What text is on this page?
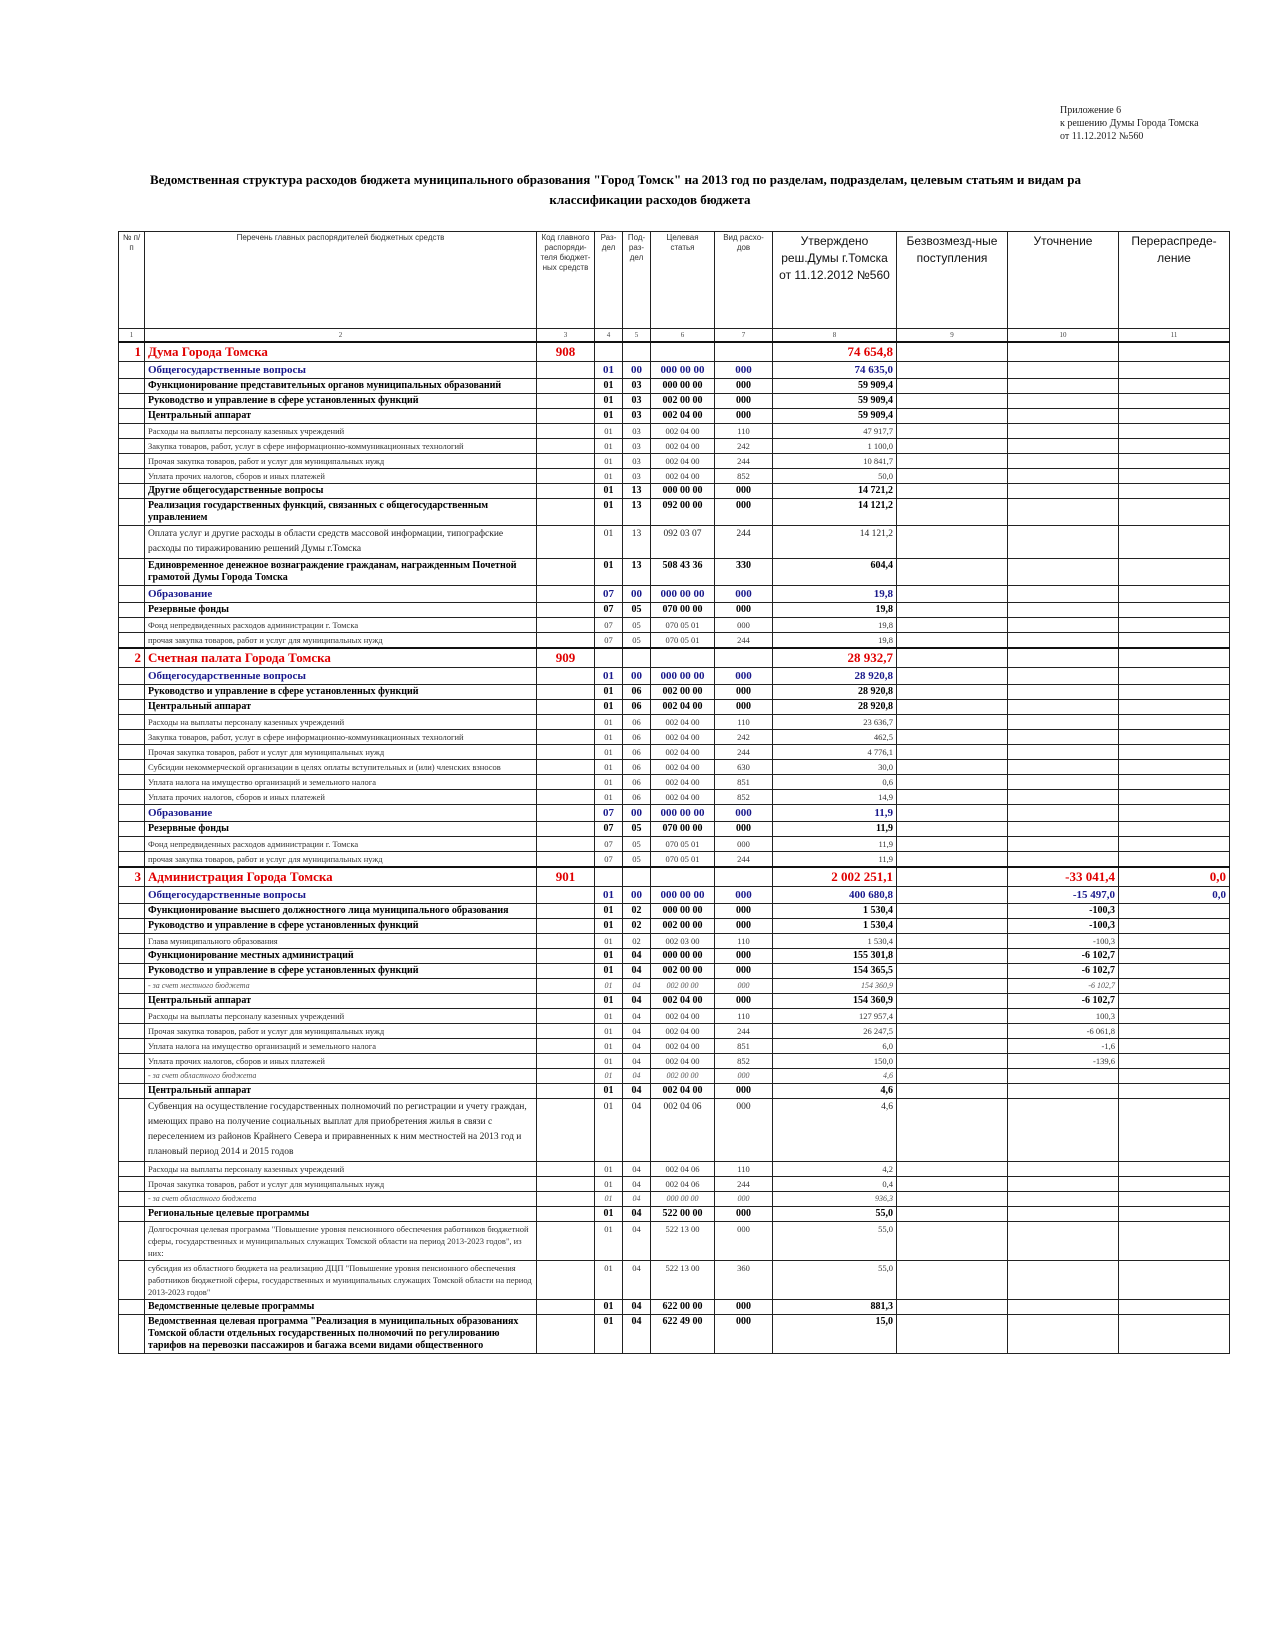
Приложение 6
к решению Думы Города Томска
от 11.12.2012 №560
Ведомственная структура расходов бюджета муниципального образования "Город Томск" на 2013 год по разделам, подразделам, целевым статьям и видам ра
классификации расходов бюджета
№ п/п	Перечень главных распорядителей бюджетных средств	Код главного распоряди-теля бюджет-ных средств	Раз-дел	Под-раз-дел	Целевая статья	Вид расхо-дов	Утверждено реш.Думы г.Томска от 11.12.2012 №560	Безвозмезд-ные поступления	Уточнение	Перераспреде-ление
1	2	3	4	5	6	7	8	9	10	11
1	Дума Города Томска	908					74 654,8			
	Общегосударственные вопросы		01	00	000 00 00	000	74 635,0			
	Функционирование представительных органов муниципальных образований		01	03	000 00 00	000	59 909,4			
	Руководство и управление в сфере установленных функций		01	03	002 00 00	000	59 909,4			
	Центральный аппарат		01	03	002 04 00	000	59 909,4			
	Расходы на выплаты персоналу казенных учреждений		01	03	002 04 00	110	47 917,7			
	Закупка товаров, работ, услуг в сфере информационно-коммуникационных технологий		01	03	002 04 00	242	1 100,0			
	Прочая закупка товаров, работ и услуг для муниципальных нужд		01	03	002 04 00	244	10 841,7			
	Уплата прочих налогов, сборов и иных платежей		01	03	002 04 00	852	50,0			
	Другие общегосударственные вопросы		01	13	000 00 00	000	14 721,2			
	Реализация государственных функций, связанных с общегосударственным управлением		01	13	092 00 00	000	14 121,2			
	Оплата услуг и другие расходы в области средств массовой информации, типографские расходы по тиражированию решений Думы г.Томска		01	13	092 03 07	244	14 121,2			
	Единовременное денежное вознаграждение гражданам, награжденным Почетной грамотой Думы Города Томска		01	13	508 43 36	330	604,4			
	Образование		07	00	000 00 00	000	19,8			
	Резервные фонды		07	05	070 00 00	000	19,8			
	Фонд непредвиденных расходов администрации г. Томска		07	05	070 05 01	000	19,8			
	прочая закупка товаров, работ и услуг для муниципальных нужд		07	05	070 05 01	244	19,8			
2	Счетная палата Города Томска	909					28 932,7			
	Общегосударственные вопросы		01	00	000 00 00	000	28 920,8			
	Руководство и управление в сфере установленных функций		01	06	002 00 00	000	28 920,8			
	Центральный аппарат		01	06	002 04 00	000	28 920,8			
	Расходы на выплаты персоналу казенных учреждений		01	06	002 04 00	110	23 636,7			
	Закупка товаров, работ, услуг в сфере информационно-коммуникационных технологий		01	06	002 04 00	242	462,5			
	Прочая закупка товаров, работ и услуг для муниципальных нужд		01	06	002 04 00	244	4 776,1			
	Субсидии некоммерческой организации в целях оплаты вступительных и (или) членских взносов		01	06	002 04 00	630	30,0			
	Уплата налога на имущество организаций и земельного налога		01	06	002 04 00	851	0,6			
	Уплата прочих налогов, сборов и иных платежей		01	06	002 04 00	852	14,9			
	Образование		07	00	000 00 00	000	11,9			
	Резервные фонды		07	05	070 00 00	000	11,9			
	Фонд непредвиденных расходов администрации г. Томска		07	05	070 05 01	000	11,9			
	прочая закупка товаров, работ и услуг для муниципальных нужд		07	05	070 05 01	244	11,9			
3	Администрация Города Томска	901					2 002 251,1		-33 041,4	0,0
	Общегосударственные вопросы		01	00	000 00 00	000	400 680,8		-15 497,0	0,0
	Функционирование высшего должностного лица муниципального образования		01	02	000 00 00	000	1 530,4		-100,3	
	Руководство и управление в сфере установленных функций		01	02	002 00 00	000	1 530,4		-100,3	
	Глава муниципального образования		01	02	002 03 00	110	1 530,4		-100,3	
	Функционирование местных администраций		01	04	000 00 00	000	155 301,8		-6 102,7	
	Руководство и управление в сфере установленных функций		01	04	002 00 00	000	154 365,5		-6 102,7	
	- за счет местного бюджета		01	04	002 00 00	000	154 360,9		-6 102,7	
	Центральный аппарат		01	04	002 04 00	000	154 360,9		-6 102,7	
	Расходы на выплаты персоналу казенных учреждений		01	04	002 04 00	110	127 957,4		100,3	
	Прочая закупка товаров, работ и услуг для муниципальных нужд		01	04	002 04 00	244	26 247,5		-6 061,8	
	Уплата налога на имущество организаций и земельного налога		01	04	002 04 00	851	6,0		-1,6	
	Уплата прочих налогов, сборов и иных платежей		01	04	002 04 00	852	150,0		-139,6	
	- за счет областного бюджета		01	04	002 00 00	000	4,6			
	Центральный аппарат		01	04	002 04 00	000	4,6			
	Субвенция на осуществление государственных полномочий по регистрации и учету граждан, имеющих право на получение социальных выплат для приобретения жилья в связи с переселением из районов Крайнего Севера и приравненных к ним местностей на 2013 год и плановый период 2014 и 2015 годов		01	04	002 04 06	000	4,6			
	Расходы на выплаты персоналу казенных учреждений		01	04	002 04 06	110	4,2			
	Прочая закупка товаров, работ и услуг для муниципальных нужд		01	04	002 04 06	244	0,4			
	- за счет областного бюджета		01	04	000 00 00	000	936,3			
	Региональные целевые программы		01	04	522 00 00	000	55,0			
	Долгосрочная целевая программа "Повышение уровня пенсионного обеспечения работников бюджетной сферы, государственных и муниципальных служащих Томской области на период 2013-2023 годов", из них:		01	04	522 13 00	000	55,0			
	субсидия из областного бюджета на реализацию ДЦП "Повышение уровня пенсионного обеспечения работников бюджетной сферы, государственных и муниципальных служащих Томской области на период 2013-2023 годов"		01	04	522 13 00	360	55,0			
	Ведомственные целевые программы		01	04	622 00 00	000	881,3			
	Ведомственная целевая программа "Реализация в муниципальных образованиях Томской области отдельных государственных полномочий по регулированию тарифов на перевозки пассажиров и багажа всеми видами общественного		01	04	622 49 00	000	15,0			
